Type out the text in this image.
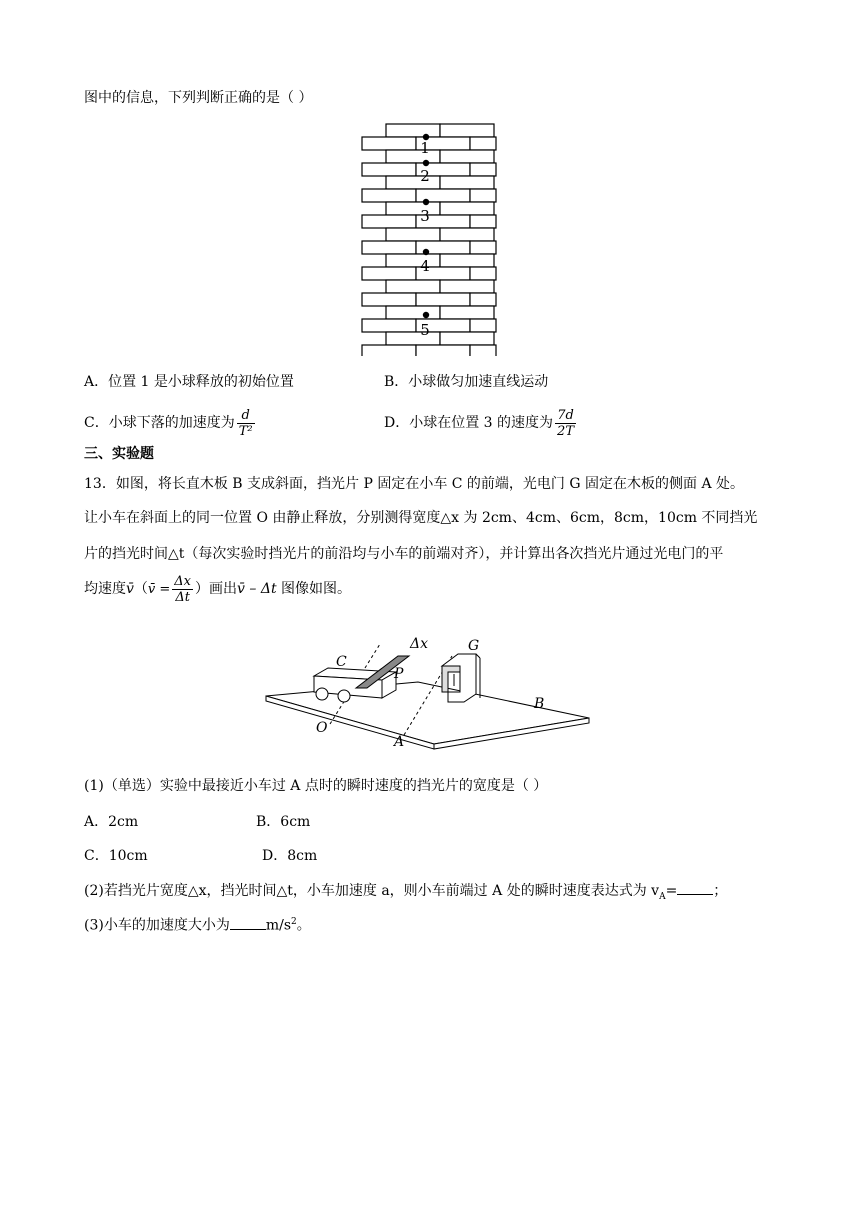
图中的信息，下列判断正确的是（ ）
1
2
3
4
5
A．位置 1 是小球释放的初始位置	B．小球做匀加速直线运动
C．小球下落的加速度为 $\frac{d}{\text{T²}}$	D．小球在位置 3 的速度为 $\frac{7d}{2T}$
三、实验题
13．如图，将长直木板 B 支成斜面，挡光片 P 固定在小车 C 的前端，光电门 G 固定在木板的侧面 A 处。
让小车在斜面上的同一位置 O 由静止释放，分别测得宽度△x 为 2cm、4cm、6cm，8cm，10cm 不同挡光
片的挡光时间△t（每次实验时挡光片的前沿均与小车的前端对齐），并计算出各次挡光片通过光电门的平
均速度v̄（v̄ = $\frac{\Delta x}{\Delta t}$ ）画出v̄ – Δt 图像如图。
C
Δx	G
P
B
O
A
(1)（单选）实验中最接近小车过 A 点时的瞬时速度的挡光片的宽度是（ ）
A．2cm	B．6cm
C．10cm	D．8cm
(2)若挡光片宽度△x，挡光时间△t，小车加速度 a，则小车前端过 A 处的瞬时速度表达式为 $v_A=$	；
(3)小车的加速度大小为	$m/s^2$。
